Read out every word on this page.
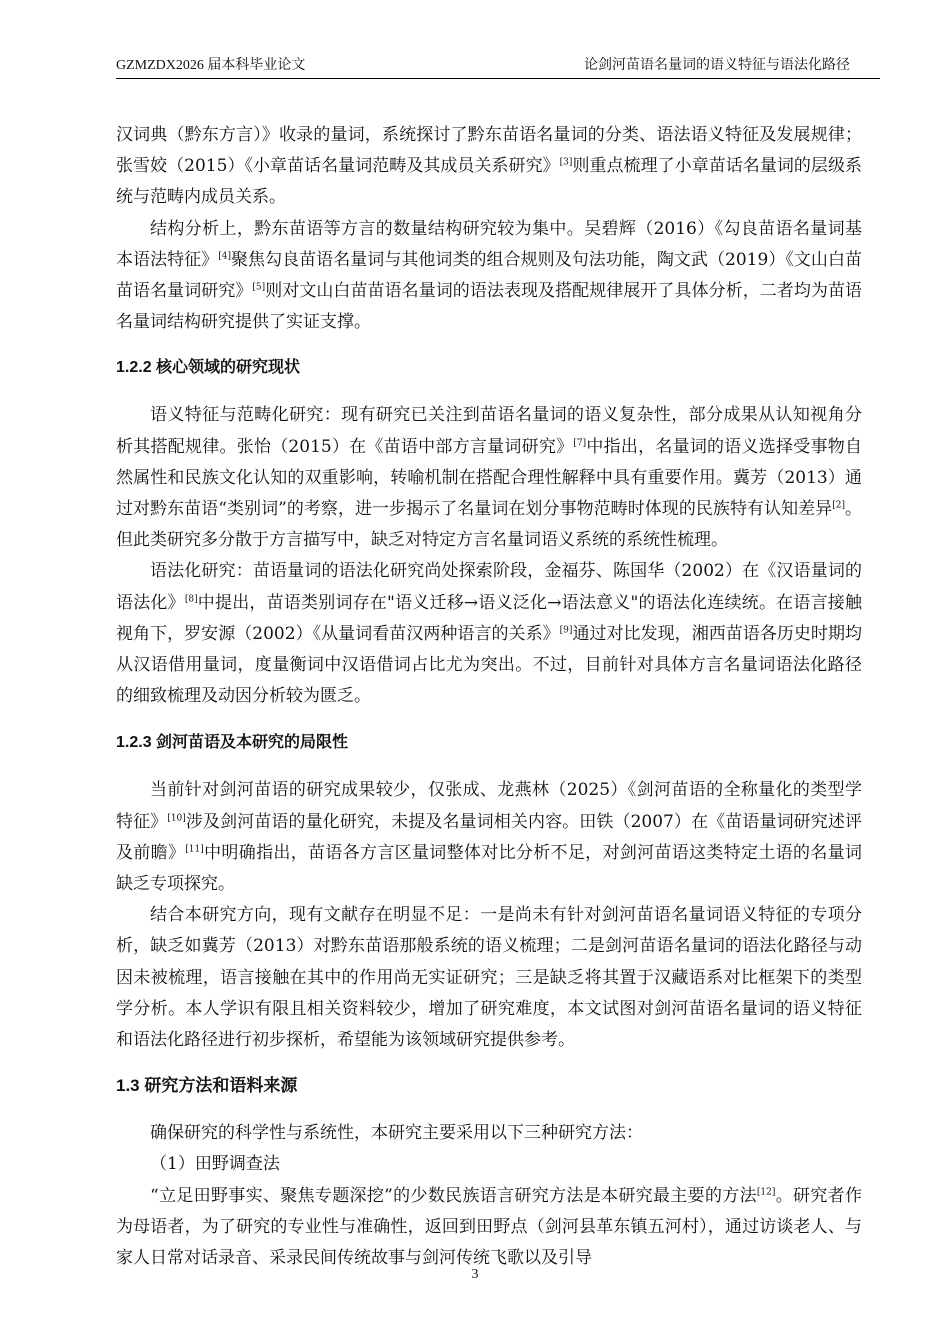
GZMZDX2026 届本科毕业论文	论剑河苗语名量词的语义特征与语法化路径

汉词典（黔东方言）》收录的量词，系统探讨了黔东苗语名量词的分类、语法语义特征及发展规律；张雪姣（2015）《小章苗话名量词范畴及其成员关系研究》[3]则重点梳理了小章苗话名量词的层级系统与范畴内成员关系。

结构分析上，黔东苗语等方言的数量结构研究较为集中。吴碧辉（2016）《勾良苗语名量词基本语法特征》[4]聚焦勾良苗语名量词与其他词类的组合规则及句法功能，陶文武（2019）《文山白苗苗语名量词研究》[5]则对文山白苗苗语名量词的语法表现及搭配规律展开了具体分析，二者均为苗语名量词结构研究提供了实证支撑。

1.2.2 核心领域的研究现状

语义特征与范畴化研究：现有研究已关注到苗语名量词的语义复杂性，部分成果从认知视角分析其搭配规律。张怡（2015）在《苗语中部方言量词研究》[7]中指出，名量词的语义选择受事物自然属性和民族文化认知的双重影响，转喻机制在搭配合理性解释中具有重要作用。冀芳（2013）通过对黔东苗语“类别词”的考察，进一步揭示了名量词在划分事物范畴时体现的民族特有认知差异[2]。但此类研究多分散于方言描写中，缺乏对特定方言名量词语义系统的系统性梳理。

语法化研究：苗语量词的语法化研究尚处探索阶段，金福芬、陈国华（2002）在《汉语量词的语法化》[8]中提出，苗语类别词存在"语义迁移→语义泛化→语法意义"的语法化连续统。在语言接触视角下，罗安源（2002）《从量词看苗汉两种语言的关系》[9]通过对比发现，湘西苗语各历史时期均从汉语借用量词，度量衡词中汉语借词占比尤为突出。不过，目前针对具体方言名量词语法化路径的细致梳理及动因分析较为匮乏。

1.2.3 剑河苗语及本研究的局限性

当前针对剑河苗语的研究成果较少，仅张成、龙燕林（2025）《剑河苗语的全称量化的类型学特征》[10]涉及剑河苗语的量化研究，未提及名量词相关内容。田铁（2007）在《苗语量词研究述评及前瞻》[11]中明确指出，苗语各方言区量词整体对比分析不足，对剑河苗语这类特定土语的名量词缺乏专项探究。

结合本研究方向，现有文献存在明显不足：一是尚未有针对剑河苗语名量词语义特征的专项分析，缺乏如冀芳（2013）对黔东苗语那般系统的语义梳理；二是剑河苗语名量词的语法化路径与动因未被梳理，语言接触在其中的作用尚无实证研究；三是缺乏将其置于汉藏语系对比框架下的类型学分析。本人学识有限且相关资料较少，增加了研究难度，本文试图对剑河苗语名量词的语义特征和语法化路径进行初步探析，希望能为该领域研究提供参考。

1.3 研究方法和语料来源

确保研究的科学性与系统性，本研究主要采用以下三种研究方法：

（1）田野调查法

“立足田野事实、聚焦专题深挖”的少数民族语言研究方法是本研究最主要的方法[12]。研究者作为母语者，为了研究的专业性与准确性，返回到田野点（剑河县革东镇五河村），通过访谈老人、与家人日常对话录音、采录民间传统故事与剑河传统飞歌以及引导

3
